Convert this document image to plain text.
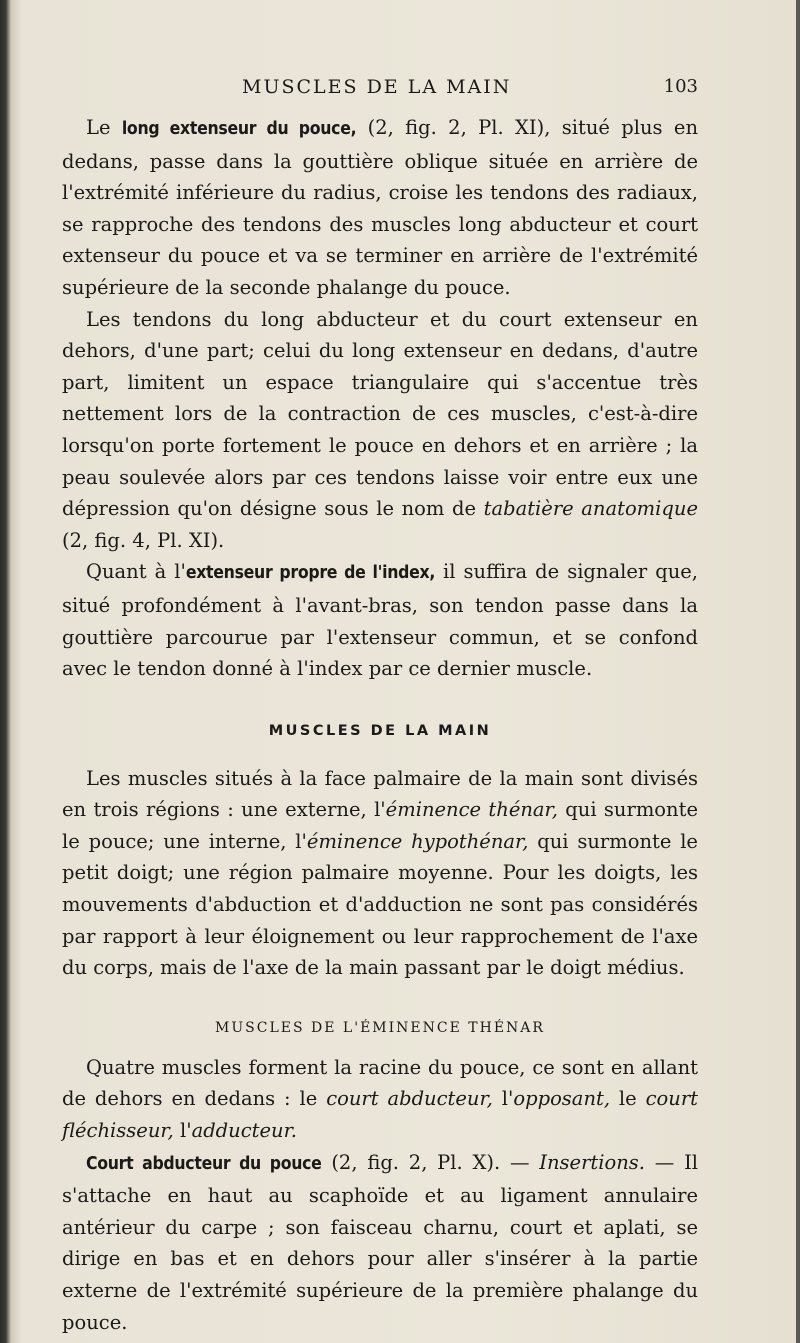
MUSCLES DE LA MAIN	103

Le long extenseur du pouce, (2, fig. 2, Pl. XI), situé plus en dedans, passe dans la gouttière oblique située en arrière de l'extrémité inférieure du radius, croise les tendons des radiaux, se rapproche des tendons des muscles long abducteur et court extenseur du pouce et va se terminer en arrière de l'extrémité supérieure de la seconde phalange du pouce.

Les tendons du long abducteur et du court extenseur en dehors, d'une part; celui du long extenseur en dedans, d'autre part, limitent un espace triangulaire qui s'accentue très nettement lors de la contraction de ces muscles, c'est-à-dire lorsqu'on porte fortement le pouce en dehors et en arrière ; la peau soulevée alors par ces tendons laisse voir entre eux une dépression qu'on désigne sous le nom de tabatière anatomique (2, fig. 4, Pl. XI).

Quant à l'extenseur propre de l'index, il suffira de signaler que, situé profondément à l'avant-bras, son tendon passe dans la gouttière parcourue par l'extenseur commun, et se confond avec le tendon donné à l'index par ce dernier muscle.

MUSCLES DE LA MAIN

Les muscles situés à la face palmaire de la main sont divisés en trois régions : une externe, l'éminence thénar, qui surmonte le pouce; une interne, l'éminence hypothénar, qui surmonte le petit doigt; une région palmaire moyenne. Pour les doigts, les mouvements d'abduction et d'adduction ne sont pas considérés par rapport à leur éloignement ou leur rapprochement de l'axe du corps, mais de l'axe de la main passant par le doigt médius.

MUSCLES DE L'ÉMINENCE THÉNAR

Quatre muscles forment la racine du pouce, ce sont en allant de dehors en dedans : le court abducteur, l'opposant, le court fléchisseur, l'adducteur.

Court abducteur du pouce (2, fig. 2, Pl. X). — Insertions. — Il s'attache en haut au scaphoïde et au ligament annulaire antérieur du carpe ; son faisceau charnu, court et aplati, se dirige en bas et en dehors pour aller s'insérer à la partie externe de l'extrémité supérieure de la première phalange du pouce.
